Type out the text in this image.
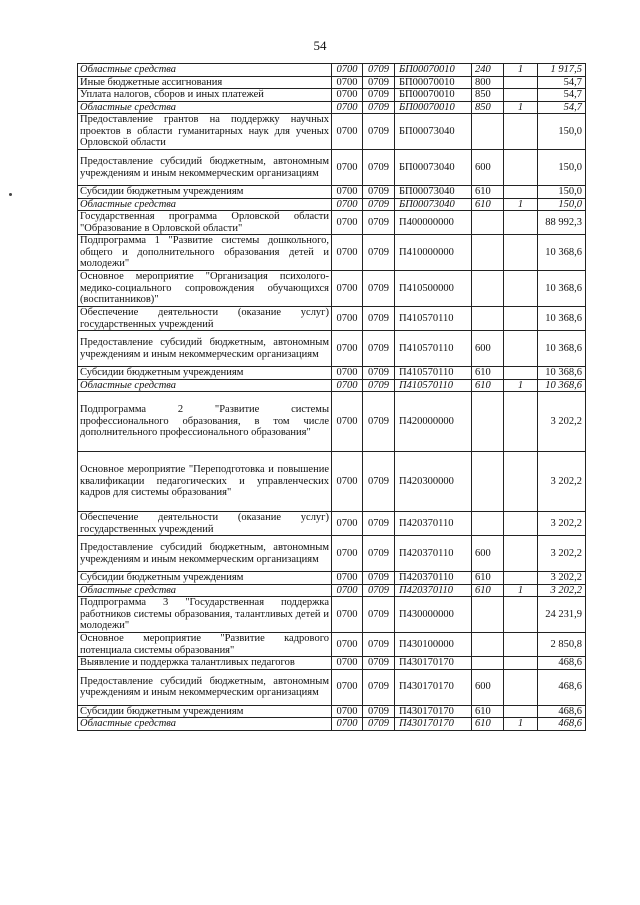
54
Областные средства	0700	0709	БП00070010	240	1	1 917,5
Иные бюджетные ассигнования	0700	0709	БП00070010	800		54,7
Уплата налогов, сборов и иных платежей	0700	0709	БП00070010	850		54,7
Областные средства	0700	0709	БП00070010	850	1	54,7
Предоставление грантов на поддержку научных проектов в области гуманитарных наук для ученых Орловской области	0700	0709	БП00073040			150,0
Предоставление субсидий бюджетным, автономным учреждениям и иным некоммерческим организациям	0700	0709	БП00073040	600		150,0
Субсидии бюджетным учреждениям	0700	0709	БП00073040	610		150,0
Областные средства	0700	0709	БП00073040	610	1	150,0
Государственная программа Орловской области "Образование в Орловской области"	0700	0709	П400000000			88 992,3
Подпрограмма 1 "Развитие системы дошкольного, общего и дополнительного образования детей и молодежи"	0700	0709	П410000000			10 368,6
Основное мероприятие "Организация психолого-медико-социального сопровождения обучающихся (воспитанников)"	0700	0709	П410500000			10 368,6
Обеспечение деятельности (оказание услуг) государственных учреждений	0700	0709	П410570110			10 368,6
Предоставление субсидий бюджетным, автономным учреждениям и иным некоммерческим организациям	0700	0709	П410570110	600		10 368,6
Субсидии бюджетным учреждениям	0700	0709	П410570110	610		10 368,6
Областные средства	0700	0709	П410570110	610	1	10 368,6
Подпрограмма 2 "Развитие системы профессионального образования, в том числе дополнительного профессионального образования"	0700	0709	П420000000			3 202,2
Основное мероприятие "Переподготовка и повышение квалификации педагогических и управленческих кадров для системы образования"	0700	0709	П420300000			3 202,2
Обеспечение деятельности (оказание услуг) государственных учреждений	0700	0709	П420370110			3 202,2
Предоставление субсидий бюджетным, автономным учреждениям и иным некоммерческим организациям	0700	0709	П420370110	600		3 202,2
Субсидии бюджетным учреждениям	0700	0709	П420370110	610		3 202,2
Областные средства	0700	0709	П420370110	610	1	3 202,2
Подпрограмма 3 "Государственная поддержка работников системы образования, талантливых детей и молодежи"	0700	0709	П430000000			24 231,9
Основное мероприятие "Развитие кадрового потенциала системы образования"	0700	0709	П430100000			2 850,8
Выявление и поддержка талантливых педагогов	0700	0709	П430170170			468,6
Предоставление субсидий бюджетным, автономным учреждениям и иным некоммерческим организациям	0700	0709	П430170170	600		468,6
Субсидии бюджетным учреждениям	0700	0709	П430170170	610		468,6
Областные средства	0700	0709	П430170170	610	1	468,6
